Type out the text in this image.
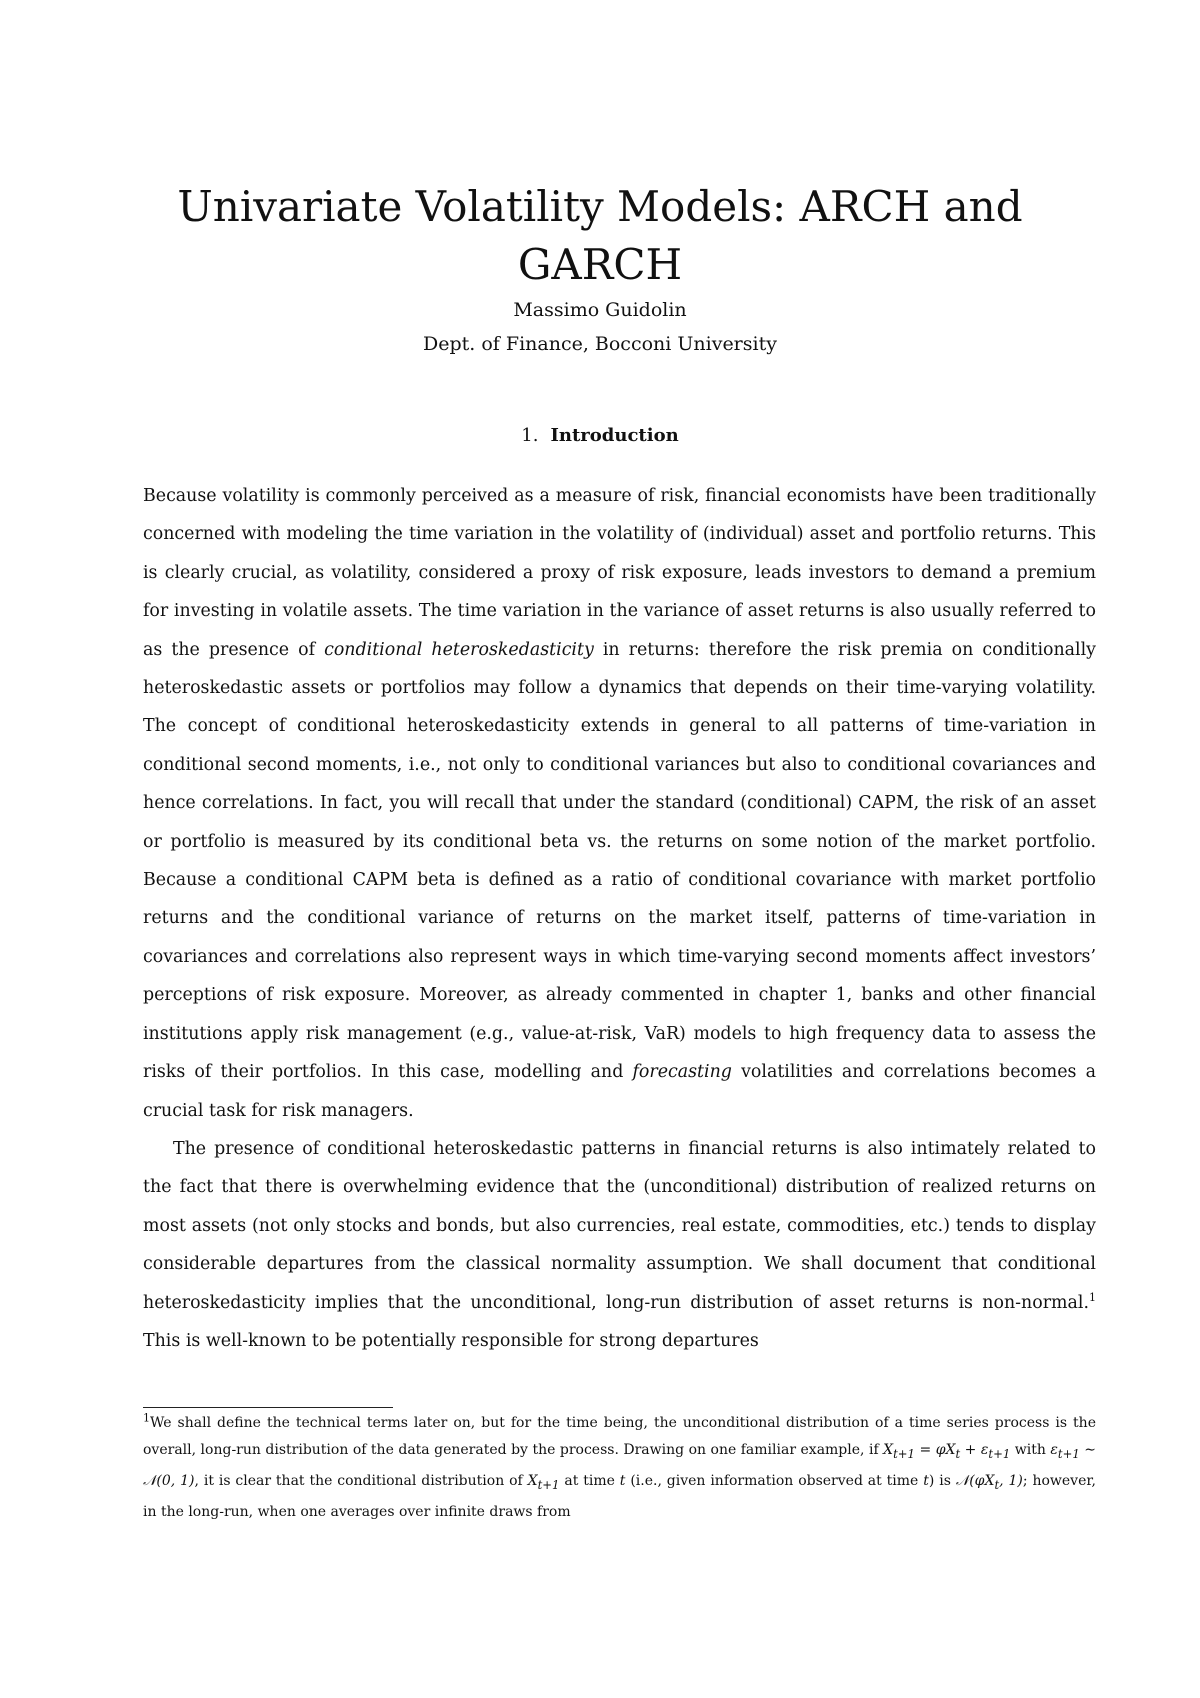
Univariate Volatility Models: ARCH and GARCH
Massimo Guidolin
Dept. of Finance, Bocconi University
1. Introduction

Because volatility is commonly perceived as a measure of risk, financial economists have been traditionally concerned with modeling the time variation in the volatility of (individual) asset and portfolio returns. This is clearly crucial, as volatility, considered a proxy of risk exposure, leads investors to demand a premium for investing in volatile assets. The time variation in the variance of asset returns is also usually referred to as the presence of conditional heteroskedasticity in returns: therefore the risk premia on conditionally heteroskedastic assets or portfolios may follow a dynamics that depends on their time-varying volatility. The concept of conditional heteroskedasticity extends in general to all patterns of time-variation in conditional second moments, i.e., not only to conditional variances but also to conditional covariances and hence correlations. In fact, you will recall that under the standard (conditional) CAPM, the risk of an asset or portfolio is measured by its conditional beta vs. the returns on some notion of the market portfolio. Because a conditional CAPM beta is defined as a ratio of conditional covariance with market portfolio returns and the conditional variance of returns on the market itself, patterns of time-variation in covariances and correlations also represent ways in which time-varying second moments affect investors’ perceptions of risk exposure. Moreover, as already commented in chapter 1, banks and other financial institutions apply risk management (e.g., value-at-risk, VaR) models to high frequency data to assess the risks of their portfolios. In this case, modelling and forecasting volatilities and correlations becomes a crucial task for risk managers.

The presence of conditional heteroskedastic patterns in financial returns is also intimately related to the fact that there is overwhelming evidence that the (unconditional) distribution of realized returns on most assets (not only stocks and bonds, but also currencies, real estate, commodities, etc.) tends to display considerable departures from the classical normality assumption. We shall document that conditional heteroskedasticity implies that the unconditional, long-run distribution of asset returns is non-normal.$^1$ This is well-known to be potentially responsible for strong departures

$^1$We shall define the technical terms later on, but for the time being, the unconditional distribution of a time series process is the overall, long-run distribution of the data generated by the process. Drawing on one familiar example, if $X_{t+1} = \varphi X_t + \varepsilon_{t+1}$ with $\varepsilon_{t+1}$ ∼ 𝒩(0, 1), it is clear that the conditional distribution of $X_{t+1}$ at time t (i.e., given information observed at time t) is $𝒩(\varphi X_t$, 1); however, in the long-run, when one averages over infinite draws from
